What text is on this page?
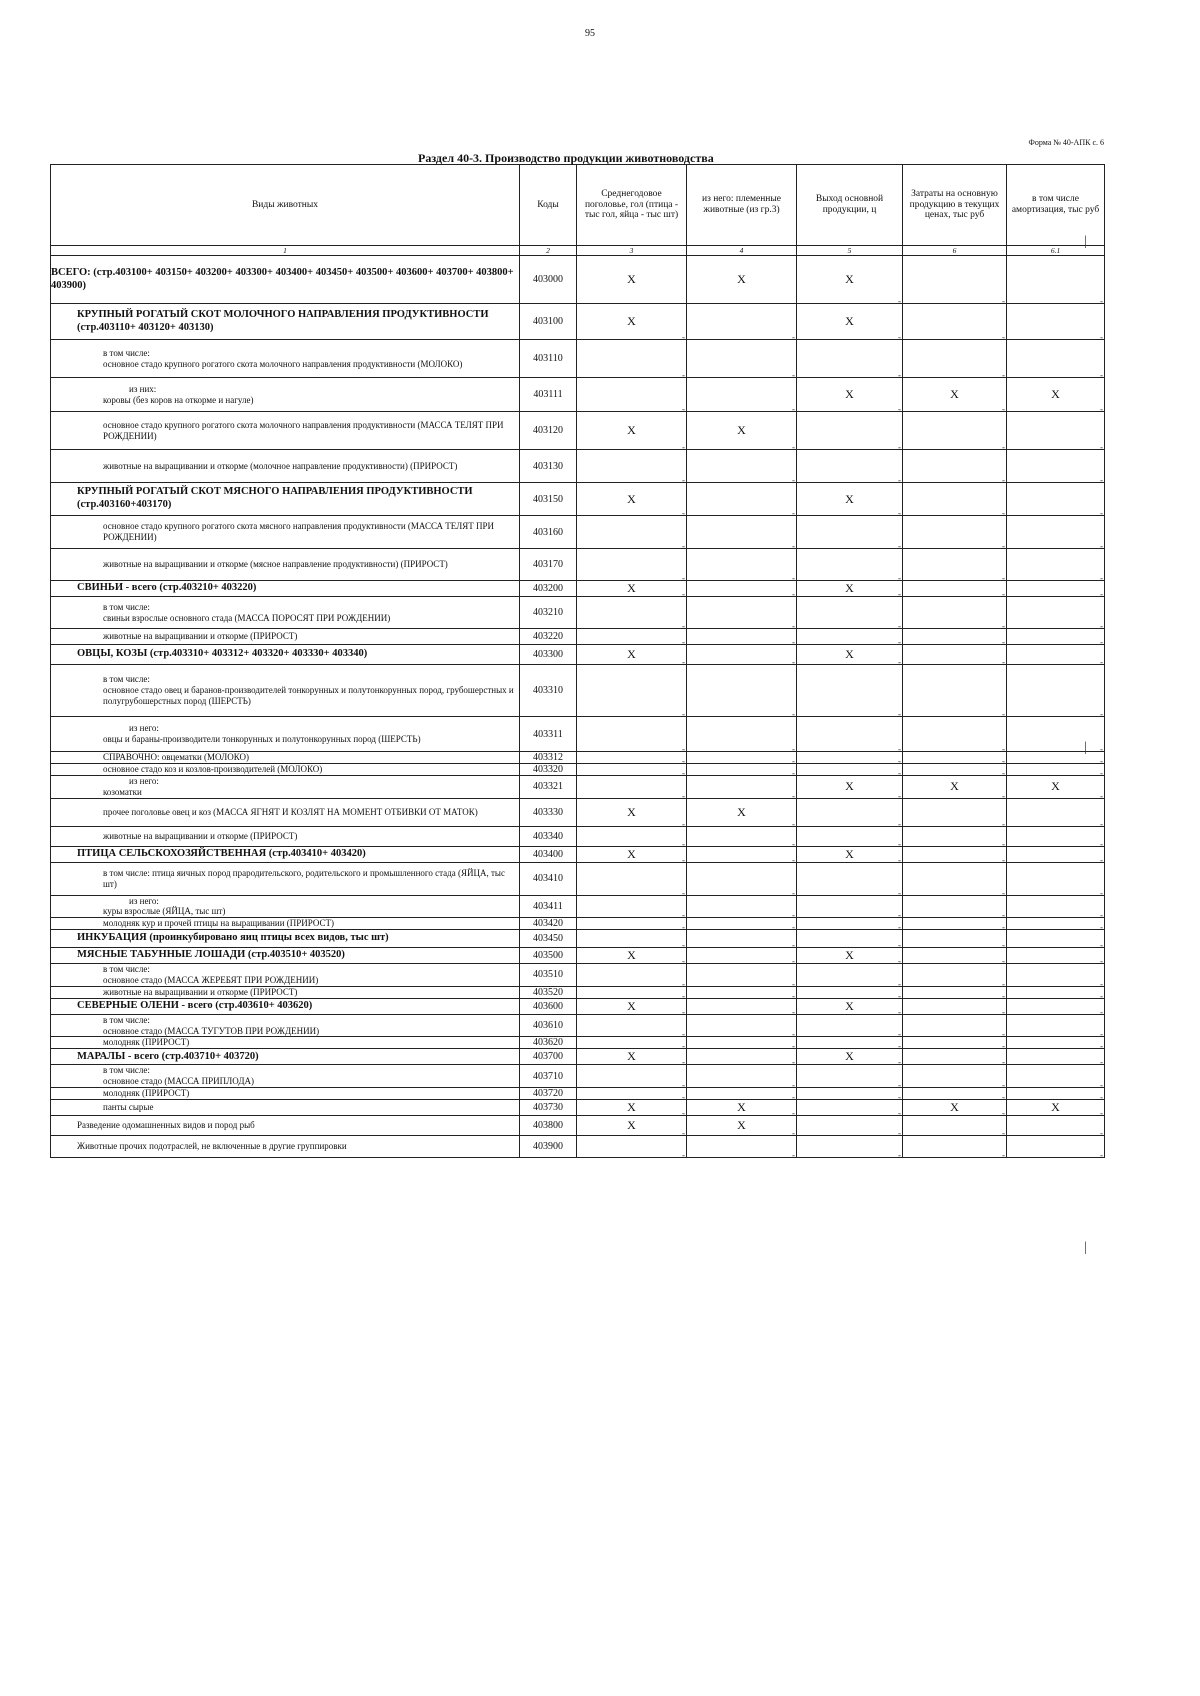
95
Форма № 40-АПК с. 6
Раздел 40-3. Производство продукции животноводства
Виды животных	Коды	Среднегодовое поголовье, гол (птица - тыс гол, яйца - тыс шт)	из него: племенные животные (из гр.3)	Выход основной продукции, ц	Затраты на основную продукцию в текущих ценах, тыс руб	в том числе амортизация, тыс руб
1	2	3	4	5	6	6.1
ВСЕГО: (стр.403100+ 403150+ 403200+ 403300+ 403400+ 403450+ 403500+ 403600+ 403700+ 403800+ 403900)	403000	X	X	X -	-	-
КРУПНЫЙ РОГАТЫЙ СКОТ МОЛОЧНОГО НАПРАВЛЕНИЯ ПРОДУКТИВНОСТИ (стр.403110+ 403120+ 403130)	403100	X -	-	X -	-	-

в том числе:
основное стадо крупного рогатого скота молочного направления продуктивности (МОЛОКО)	403110	-	-	-	-	-

из них:
коровы (без коров на откорме и нагуле)	403111	-	-	X -	X -	X -
основное стадо крупного рогатого скота молочного направления продуктивности (МАССА ТЕЛЯТ ПРИ РОЖДЕНИИ)	403120	X -	X -	-	-	-
животные на выращивании и откорме (молочное направление продуктивности) (ПРИРОСТ)	403130	-	-	-	-	-
КРУПНЫЙ РОГАТЫЙ СКОТ МЯСНОГО НАПРАВЛЕНИЯ ПРОДУКТИВНОСТИ (стр.403160+403170)	403150	X -	-	X -	-	-
основное стадо крупного рогатого скота мясного направления продуктивности (МАССА ТЕЛЯТ ПРИ РОЖДЕНИИ)	403160	-	-	-	-	-
животные на выращивании и откорме (мясное направление продуктивности) (ПРИРОСТ)	403170	-	-	-	-	-
СВИНЬИ - всего (стр.403210+ 403220)	403200	X -	-	X -	-	-

в том числе:
свиньи взрослые основного стада (МАССА ПОРОСЯТ ПРИ РОЖДЕНИИ)	403210	-	-	-	-	-
животные на выращивании и откорме (ПРИРОСТ)	403220	-	-	-	-	-
ОВЦЫ, КОЗЫ (стр.403310+ 403312+ 403320+ 403330+ 403340)	403300	X -	-	X -	-	-

в том числе:
основное стадо овец и баранов-производителей тонкорунных и полутонкорунных пород, грубошерстных и полугрубошерстных пород (ШЕРСТЬ)	403310	-	-	-	-	-

из него:
овцы и бараны-производители тонкорунных и полутонкорунных пород (ШЕРСТЬ)	403311	-	-	-	-	-
СПРАВОЧНО: овцематки (МОЛОКО)	403312	-	-	-	-	-
основное стадо коз и козлов-производителей (МОЛОКО)	403320	-	-	-	-	-

из него:
козоматки	403321	-	-	X -	X -	X -
прочее поголовье овец и коз (МАССА ЯГНЯТ И КОЗЛЯТ НА МОМЕНТ ОТБИВКИ ОТ МАТОК)	403330	X -	X -	-	-	-
животные на выращивании и откорме (ПРИРОСТ)	403340	-	-	-	-	-
ПТИЦА СЕЛЬСКОХОЗЯЙСТВЕННАЯ (стр.403410+ 403420)	403400	X -	-	X -	-	-
в том числе: птица яичных пород прародительского, родительского и промышленного стада (ЯЙЦА, тыс шт)	403410	-	-	-	-	-

из него:
куры взрослые (ЯЙЦА, тыс шт)	403411	-	-	-	-	-
молодняк кур и прочей птицы на выращивании (ПРИРОСТ)	403420	-	-	-	-	-
ИНКУБАЦИЯ (проинкубировано яиц птицы всех видов, тыс шт)	403450	-	-	-	-	-
МЯСНЫЕ ТАБУННЫЕ ЛОШАДИ (стр.403510+ 403520)	403500	X -	-	X -	-	-

в том числе:
основное стадо (МАССА ЖЕРЕБЯТ ПРИ РОЖДЕНИИ)	403510	-	-	-	-	-
животные на выращивании и откорме (ПРИРОСТ)	403520	-	-	-	-	-
СЕВЕРНЫЕ ОЛЕНИ - всего (стр.403610+ 403620)	403600	X -	-	X -	-	-

в том числе:
основное стадо (МАССА ТУГУТОВ ПРИ РОЖДЕНИИ)	403610	-	-	-	-	-
молодняк (ПРИРОСТ)	403620	-	-	-	-	-
МАРАЛЫ - всего (стр.403710+ 403720)	403700	X -	-	X -	-	-

в том числе:
основное стадо (МАССА ПРИПЛОДА)	403710	-	-	-	-	-
молодняк (ПРИРОСТ)	403720	-	-	-	-	-
панты сырые	403730	X -	X -	-	X -	X -
Разведение одомашненных видов и пород рыб	403800	X -	X -	-	-	-
Животные прочих подотраслей, не включенные в другие группировки	403900	-	-	-	-	-
|
|
|
